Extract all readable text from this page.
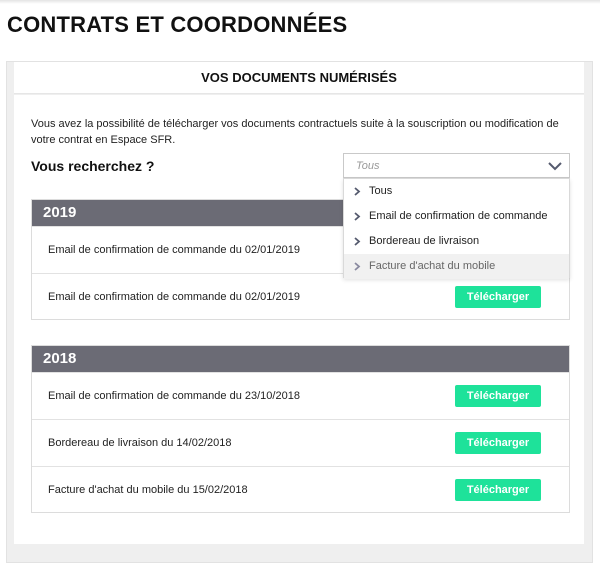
CONTRATS ET COORDONNÉES
VOS DOCUMENTS NUMÉRISÉS

Vous avez la possibilité de télécharger vos documents contractuels suite à la souscription ou modification de votre contrat en Espace SFR.

Vous recherchez ?	Tous
Tous
Email de confirmation de commande
Bordereau de livraison
Facture d'achat du mobile
2019
Email de confirmation de commande du 02/01/2019
Email de confirmation de commande du 02/01/2019	Télécharger
2018
Email de confirmation de commande du 23/10/2018	Télécharger
Bordereau de livraison du 14/02/2018	Télécharger
Facture d'achat du mobile du 15/02/2018	Télécharger
